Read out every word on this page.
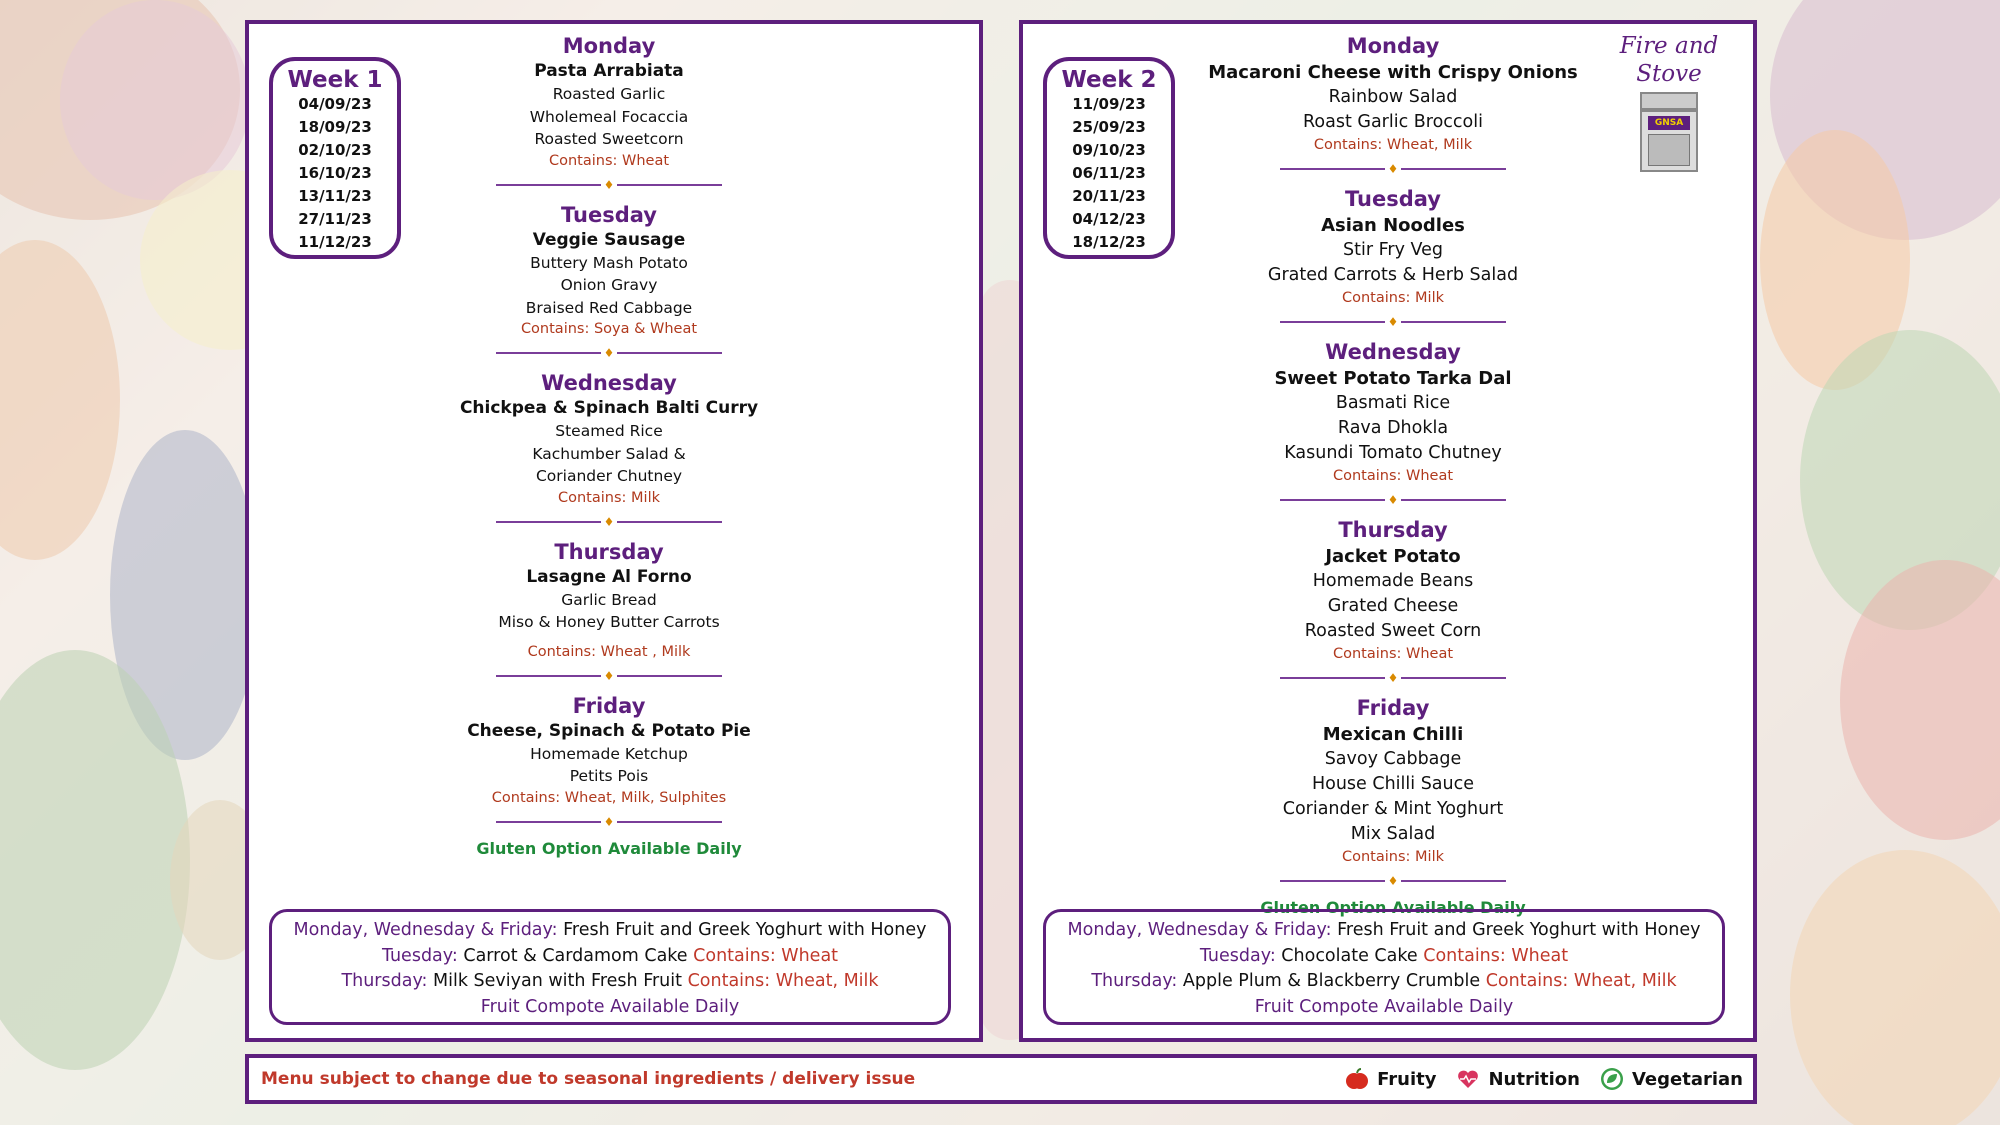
Week 1
04/09/23
18/09/23
02/10/23
16/10/23
13/11/23
27/11/23
11/12/23
Monday
Pasta Arrabiata
Roasted Garlic
Wholemeal Focaccia
Roasted Sweetcorn
Contains: Wheat
♦
Tuesday
Veggie Sausage
Buttery Mash Potato
Onion Gravy
Braised Red Cabbage
Contains: Soya & Wheat
♦
Wednesday
Chickpea & Spinach Balti Curry
Steamed Rice
Kachumber Salad &
Coriander Chutney
Contains: Milk
♦
Thursday
Lasagne Al Forno
Garlic Bread
Miso & Honey Butter Carrots
Contains: Wheat , Milk
♦
Friday
Cheese, Spinach & Potato Pie
Homemade Ketchup
Petits Pois
Contains: Wheat, Milk, Sulphites
♦
Gluten Option Available Daily
Monday, Wednesday & Friday: Fresh Fruit and Greek Yoghurt with Honey
Tuesday: Carrot & Cardamom Cake Contains: Wheat
Thursday: Milk Seviyan with Fresh Fruit Contains: Wheat, Milk
Fruit Compote Available Daily
Week 2
11/09/23
25/09/23
09/10/23
06/11/23
20/11/23
04/12/23
18/12/23
Fire and Stove
GNSA
Monday
Macaroni Cheese with Crispy Onions
Rainbow Salad
Roast Garlic Broccoli
Contains: Wheat, Milk
♦
Tuesday
Asian Noodles
Stir Fry Veg
Grated Carrots & Herb Salad
Contains: Milk
♦
Wednesday
Sweet Potato Tarka Dal
Basmati Rice
Rava Dhokla
Kasundi Tomato Chutney
Contains: Wheat
♦
Thursday
Jacket Potato
Homemade Beans
Grated Cheese
Roasted Sweet Corn
Contains: Wheat
♦
Friday
Mexican Chilli
Savoy Cabbage
House Chilli Sauce
Coriander & Mint Yoghurt
Mix Salad
Contains: Milk
♦
Gluten Option Available Daily
Monday, Wednesday & Friday: Fresh Fruit and Greek Yoghurt with Honey
Tuesday: Chocolate Cake Contains: Wheat
Thursday: Apple Plum & Blackberry Crumble Contains: Wheat, Milk
Fruit Compote Available Daily
Menu subject to change due to seasonal ingredients / delivery issue	Fruity	Nutrition	Vegetarian
